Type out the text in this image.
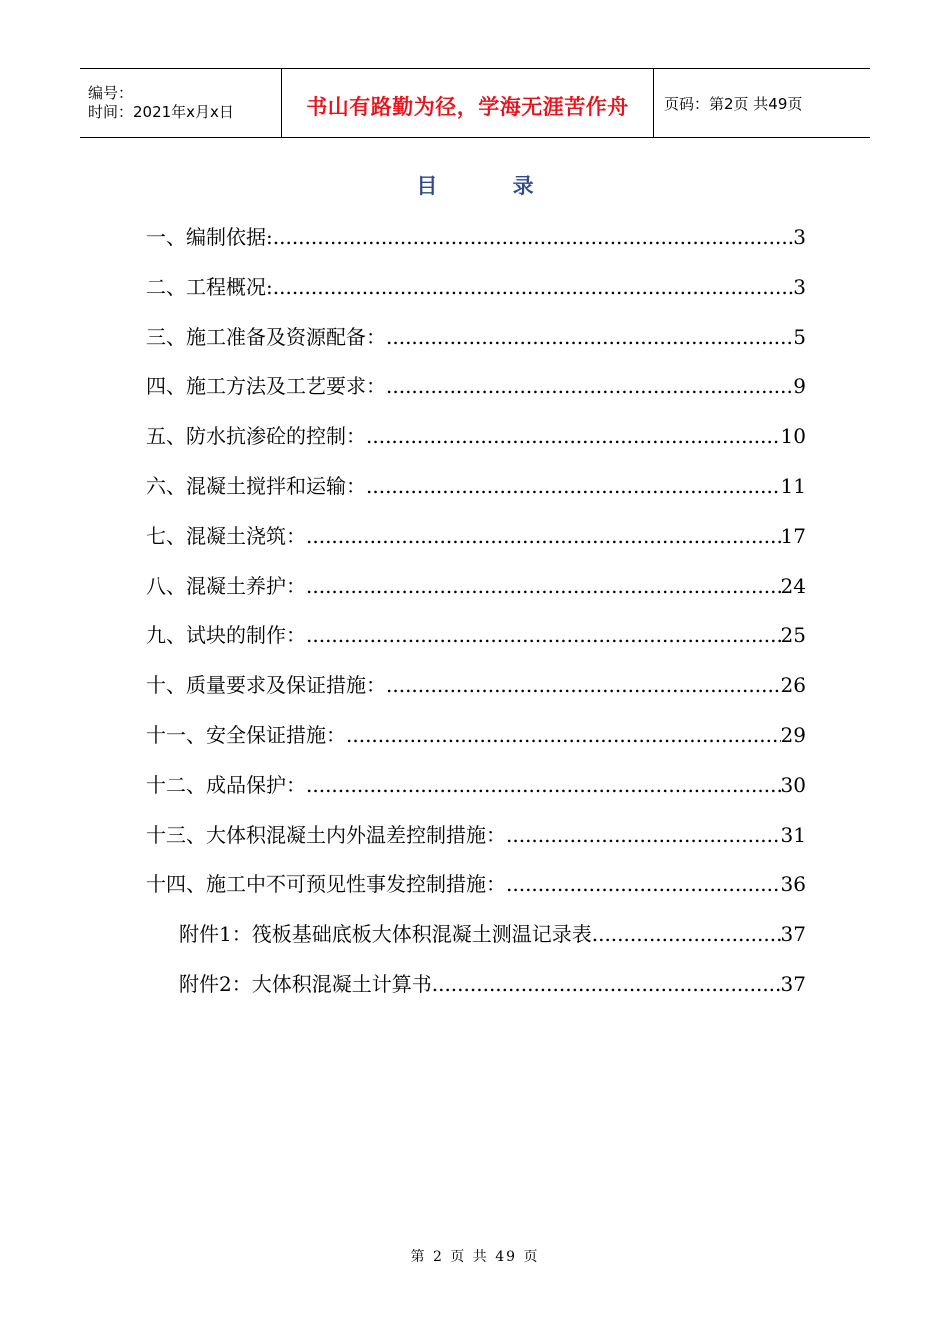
编号：
时间：2021年x月x日	书山有路勤为径，学海无涯苦作舟 页码：第2页 共49页
目 录
一、编制依据: .....	3
二、工程概况: .....	3
三、施工准备及资源配备： .....	5
四、施工方法及工艺要求： .....	9
五、防水抗渗砼的控制： .....	10
六、混凝土搅拌和运输： .....	11
七、混凝土浇筑： .....	17
八、混凝土养护： .....	24
九、试块的制作： .....	25
十、质量要求及保证措施： .....	26
十一、安全保证措施： .....	29
十二、成品保护： .....	30
十三、大体积混凝土内外温差控制措施： .....	31
十四、施工中不可预见性事发控制措施： .....	36
附件1：筏板基础底板大体积混凝土测温记录表 .....	37
附件2：大体积混凝土计算书 .....	37
第 2 页 共 49 页
